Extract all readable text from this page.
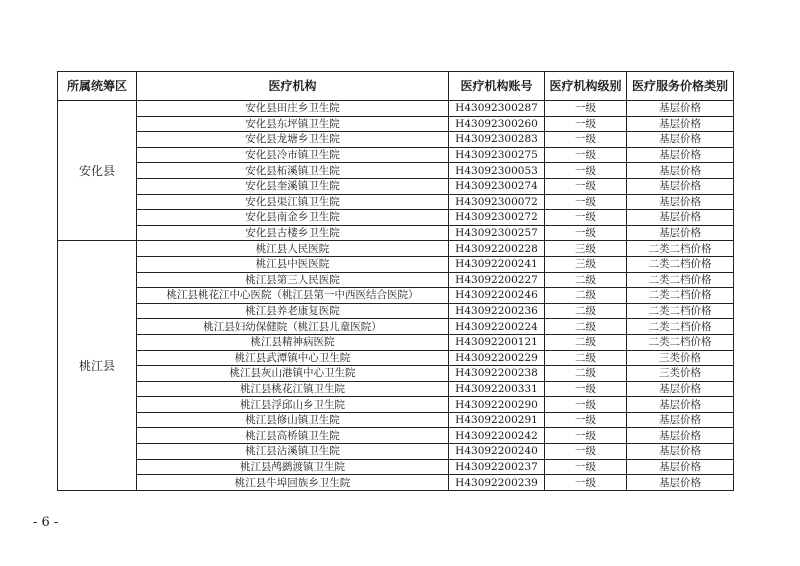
所属统筹区	医疗机构	医疗机构账号	医疗机构级别	医疗服务价格类别
安化县	安化县田庄乡卫生院	H43092300287	一级	基层价格
	安化县东坪镇卫生院	H43092300260	一级	基层价格
	安化县龙塘乡卫生院	H43092300283	一级	基层价格
	安化县冷市镇卫生院	H43092300275	一级	基层价格
	安化县柘溪镇卫生院	H43092300053	一级	基层价格
	安化县奎溪镇卫生院	H43092300274	一级	基层价格
	安化县渠江镇卫生院	H43092300072	一级	基层价格
	安化县南金乡卫生院	H43092300272	一级	基层价格
	安化县古楼乡卫生院	H43092300257	一级	基层价格
桃江县	桃江县人民医院	H43092200228	三级	二类二档价格
	桃江县中医医院	H43092200241	三级	二类二档价格
	桃江县第三人民医院	H43092200227	二级	二类二档价格
	桃江县桃花江中心医院（桃江县第一中西医结合医院）	H43092200246	二级	二类二档价格
	桃江县养老康复医院	H43092200236	二级	二类二档价格
	桃江县妇幼保健院（桃江县儿童医院）	H43092200224	二级	二类二档价格
	桃江县精神病医院	H43092200121	二级	二类二档价格
	桃江县武潭镇中心卫生院	H43092200229	二级	三类价格
	桃江县灰山港镇中心卫生院	H43092200238	二级	三类价格
	桃江县桃花江镇卫生院	H43092200331	一级	基层价格
	桃江县浮邱山乡卫生院	H43092200290	一级	基层价格
	桃江县修山镇卫生院	H43092200291	一级	基层价格
	桃江县高桥镇卫生院	H43092200242	一级	基层价格
	桃江县沾溪镇卫生院	H43092200240	一级	基层价格
	桃江县鸬鹚渡镇卫生院	H43092200237	一级	基层价格
	桃江县牛埠回族乡卫生院	H43092200239	一级	基层价格
- 6 -
